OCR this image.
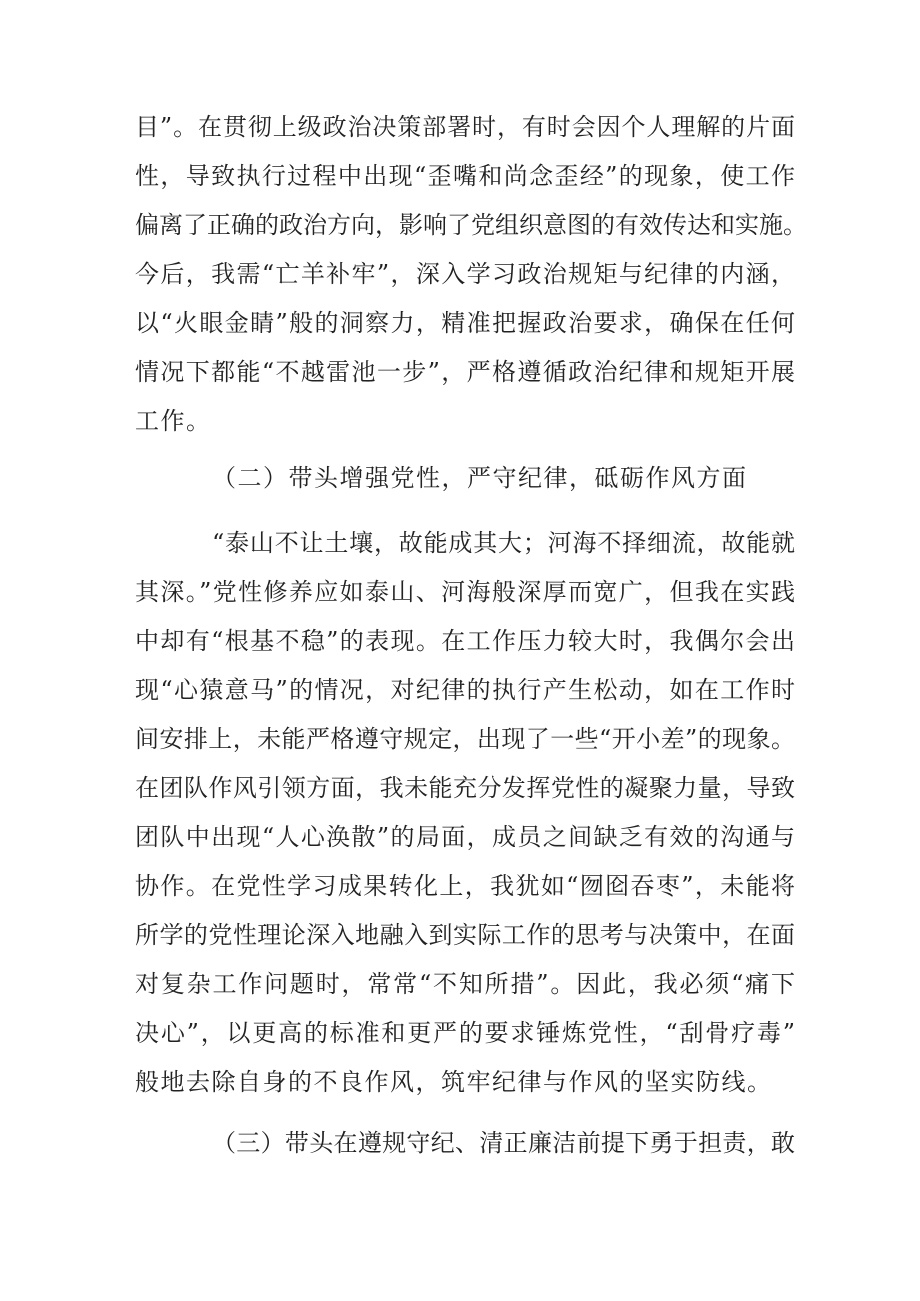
目”。在贯彻上级政治决策部署时，有时会因个人理解的片面

性，导致执行过程中出现“歪嘴和尚念歪经”的现象，使工作

偏离了正确的政治方向，影响了党组织意图的有效传达和实施。

今后，我需“亡羊补牢”，深入学习政治规矩与纪律的内涵，

以“火眼金睛”般的洞察力，精准把握政治要求，确保在任何

情况下都能“不越雷池一步”，严格遵循政治纪律和规矩开展

工作。

（二）带头增强党性，严守纪律，砥砺作风方面

“泰山不让土壤，故能成其大；河海不择细流，故能就

其深。”党性修养应如泰山、河海般深厚而宽广，但我在实践

中却有“根基不稳”的表现。在工作压力较大时，我偶尔会出

现“心猿意马”的情况，对纪律的执行产生松动，如在工作时

间安排上，未能严格遵守规定，出现了一些“开小差”的现象。

在团队作风引领方面，我未能充分发挥党性的凝聚力量，导致

团队中出现“人心涣散”的局面，成员之间缺乏有效的沟通与

协作。在党性学习成果转化上，我犹如“囫囵吞枣”，未能将

所学的党性理论深入地融入到实际工作的思考与决策中，在面

对复杂工作问题时，常常“不知所措”。因此，我必须“痛下

决心”，以更高的标准和更严的要求锤炼党性，“刮骨疗毒”

般地去除自身的不良作风，筑牢纪律与作风的坚实防线。

（三）带头在遵规守纪、清正廉洁前提下勇于担责，敢
